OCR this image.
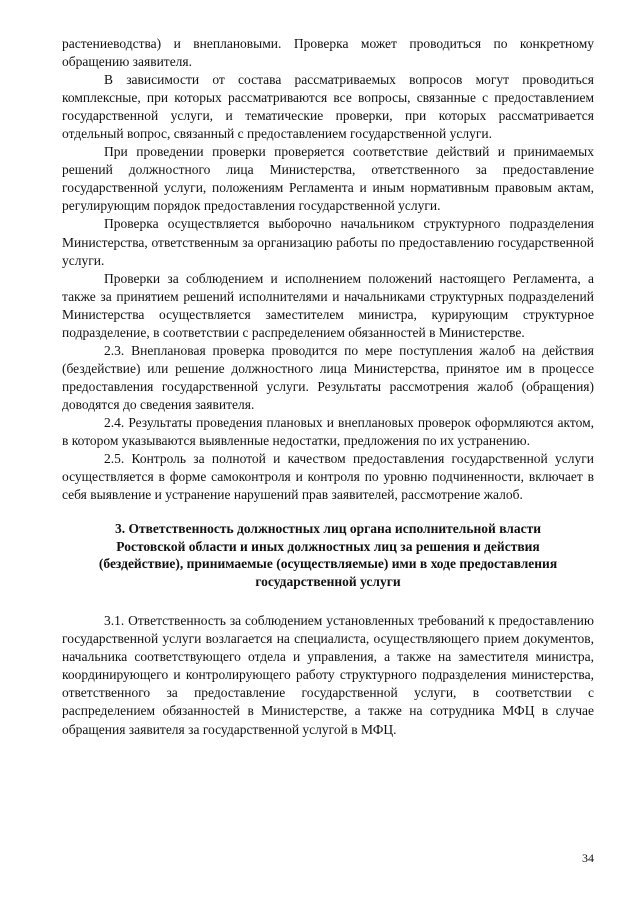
растениеводства) и внеплановыми. Проверка может проводиться по конкретному обращению заявителя.

В зависимости от состава рассматриваемых вопросов могут проводиться комплексные, при которых рассматриваются все вопросы, связанные с предоставлением государственной услуги, и тематические проверки, при которых рассматривается отдельный вопрос, связанный с предоставлением государственной услуги.

При проведении проверки проверяется соответствие действий и принимаемых решений должностного лица Министерства, ответственного за предоставление государственной услуги, положениям Регламента и иным нормативным правовым актам, регулирующим порядок предоставления государственной услуги.

Проверка осуществляется выборочно начальником структурного подразделения Министерства, ответственным за организацию работы по предоставлению государственной услуги.

Проверки за соблюдением и исполнением положений настоящего Регламента, а также за принятием решений исполнителями и начальниками структурных подразделений Министерства осуществляется заместителем министра, курирующим структурное подразделение, в соответствии с распределением обязанностей в Министерстве.

2.3. Внеплановая проверка проводится по мере поступления жалоб на действия (бездействие) или решение должностного лица Министерства, принятое им в процессе предоставления государственной услуги. Результаты рассмотрения жалоб (обращения) доводятся до сведения заявителя.

2.4. Результаты проведения плановых и внеплановых проверок оформляются актом, в котором указываются выявленные недостатки, предложения по их устранению.

2.5. Контроль за полнотой и качеством предоставления государственной услуги осуществляется в форме самоконтроля и контроля по уровню подчиненности, включает в себя выявление и устранение нарушений прав заявителей, рассмотрение жалоб.

3. Ответственность должностных лиц органа исполнительной власти
Ростовской области и иных должностных лиц за решения и действия
(бездействие), принимаемые (осуществляемые) ими в ходе предоставления
государственной услуги

3.1. Ответственность за соблюдением установленных требований к предоставлению государственной услуги возлагается на специалиста, осуществляющего прием документов, начальника соответствующего отдела и управления, а также на заместителя министра, координирующего и контролирующего работу структурного подразделения министерства, ответственного за предоставление государственной услуги, в соответствии с распределением обязанностей в Министерстве, а также на сотрудника МФЦ в случае обращения заявителя за государственной услугой в МФЦ.

34
